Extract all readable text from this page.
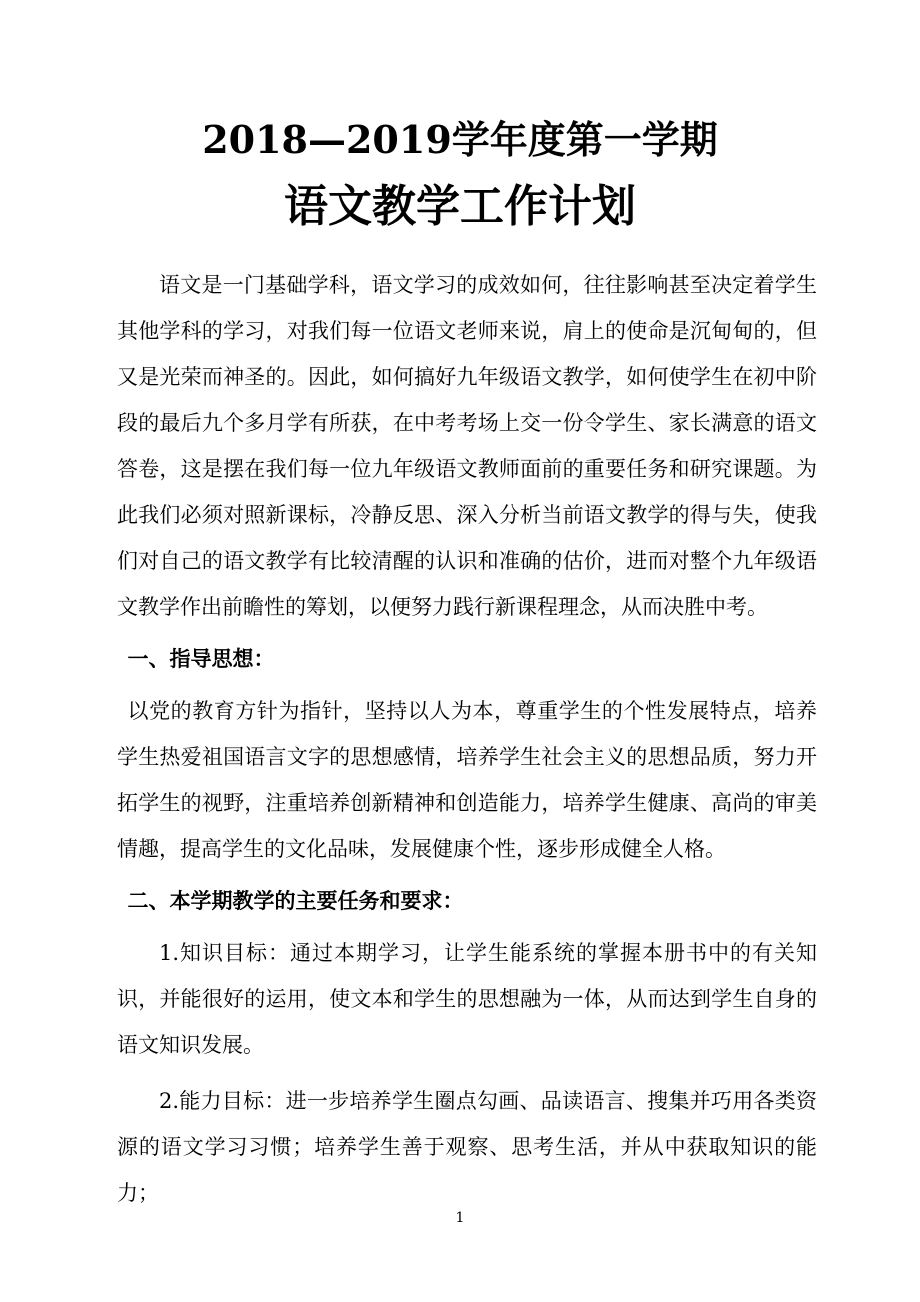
2018—2019学年度第一学期
语文教学工作计划

语文是一门基础学科，语文学习的成效如何，往往影响甚至决定着学生其他学科的学习，对我们每一位语文老师来说，肩上的使命是沉甸甸的，但又是光荣而神圣的。因此，如何搞好九年级语文教学，如何使学生在初中阶段的最后九个多月学有所获，在中考考场上交一份令学生、家长满意的语文答卷，这是摆在我们每一位九年级语文教师面前的重要任务和研究课题。为此我们必须对照新课标，冷静反思、深入分析当前语文教学的得与失，使我们对自己的语文教学有比较清醒的认识和准确的估价，进而对整个九年级语文教学作出前瞻性的筹划，以便努力践行新课程理念，从而决胜中考。

一、指导思想：

以党的教育方针为指针，坚持以人为本，尊重学生的个性发展特点，培养学生热爱祖国语言文字的思想感情，培养学生社会主义的思想品质，努力开拓学生的视野，注重培养创新精神和创造能力，培养学生健康、高尚的审美情趣，提高学生的文化品味，发展健康个性，逐步形成健全人格。

二、本学期教学的主要任务和要求：

1.知识目标：通过本期学习，让学生能系统的掌握本册书中的有关知识，并能很好的运用，使文本和学生的思想融为一体，从而达到学生自身的语文知识发展。

2.能力目标：进一步培养学生圈点勾画、品读语言、搜集并巧用各类资源的语文学习习惯；培养学生善于观察、思考生活，并从中获取知识的能力；

1
